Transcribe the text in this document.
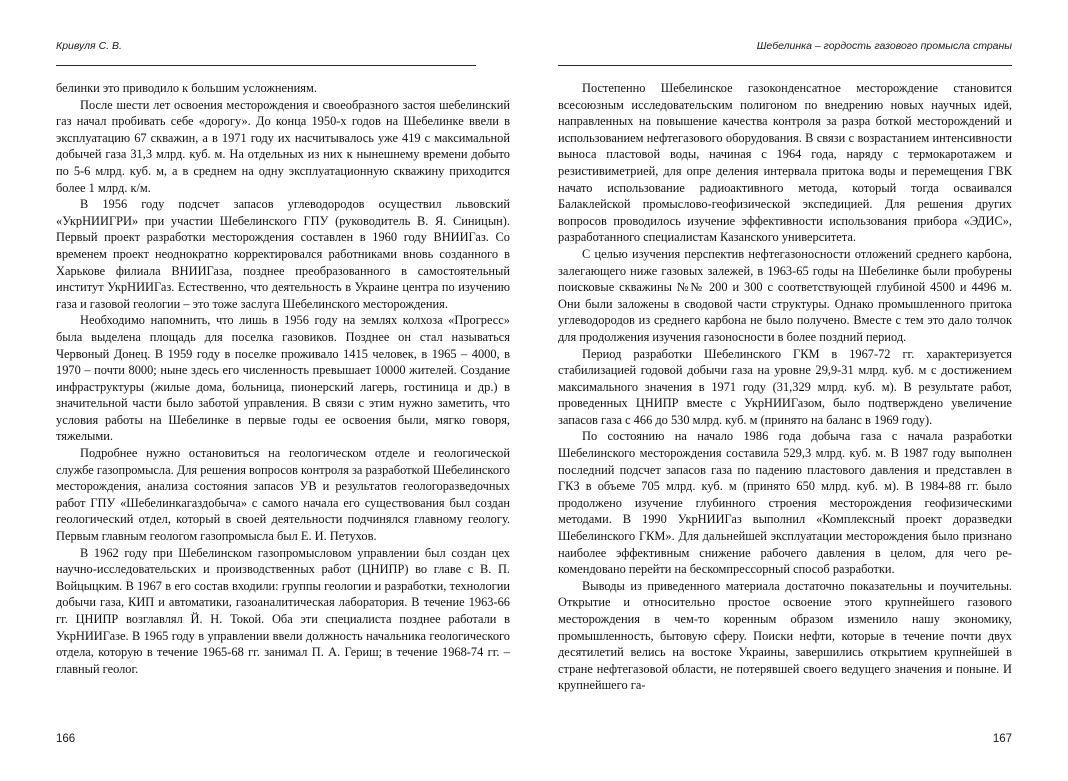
Кривуля С. В.

белинки это приводило к большим усложнениям.

После шести лет освоения месторождения и своеобразного застоя шебелинский газ начал пробивать себе «дорогу». До конца 1950-х годов на Шебелинке ввели в эксплуатацию 67 скважин, а в 1971 году их насчитывалось уже 419 с максимальной добычей газа 31,3 млрд. куб. м. На отдельных из них к нынешнему времени добыто по 5-6 млрд. куб. м, а в среднем на одну эксплуатационную скважину приходится более 1 млрд. к/м.

В 1956 году подсчет запасов углеводородов осуществил львовский «УкрНИИГРИ» при участии Шебелинского ГПУ (руководитель В. Я. Синицын). Первый проект разработки месторождения составлен в 1960 году ВНИИГаз. Со временем проект неоднократно корректировался работниками вновь созданного в Харькове филиала ВНИИГаза, позднее преобразованного в самостоятельный институт УкрНИИГаз. Естественно, что деятельность в Украине центра по изучению газа и газовой геологии – это тоже заслуга Шебелинского месторождения.

Необходимо напомнить, что лишь в 1956 году на землях колхоза «Прогресс» была выделена площадь для поселка газовиков. Позднее он стал называться Червоный Донец. В 1959 году в поселке проживало 1415 человек, в 1965 – 4000, в 1970 – почти 8000; ныне здесь его численность превышает 10000 жителей. Создание инфраструктуры (жилые дома, больница, пионерский лагерь, гостиница и др.) в значительной части было заботой управления. В связи с этим нужно заметить, что условия работы на Шебелинке в первые годы ее освоения были, мягко говоря, тяжелыми.

Подробнее нужно остановиться на геологическом отделе и геологической службе газопромысла. Для решения вопросов контроля за разработкой Шебелинского месторождения, анализа состояния запасов УВ и результатов геологоразведочных работ ГПУ «Шебелинкагаздобыча» с самого начала его существования был создан геологический отдел, который в своей деятельности подчинялся главному геологу. Первым главным геологом газопромысла был Е. И. Петухов.

В 1962 году при Шебелинском газопромысловом управлении был создан цех научно-исследовательских и производственных работ (ЦНИПР) во главе с В. П. Войцыцким. В 1967 в его состав входили: группы геологии и разработки, технологии добычи газа, КИП и автоматики, газоаналитическая лаборатория. В течение 1963-66 гг. ЦНИПР возглавлял Й. Н. Токой. Оба эти специалиста позднее работали в УкрНИИГазе. В 1965 году в управлении ввели должность начальника геологического отдела, которую в течение 1965-68 гг. занимал П. А. Гериш; в течение 1968-74 гг. – главный геолог.

166
Шебелинка – гордость газового промысла страны

Постепенно Шебелинское газоконденсатное месторождение становится всесоюзным исследовательским полигоном по внедрению новых научных идей, направленных на повышение качества контроля за разра боткой месторождений и использованием нефтегазового оборудования. В связи с возрастанием интенсивности выноса пластовой воды, начиная с 1964 года, наряду с термокаротажем и резистивиметрией, для опре деления интервала притока воды и перемещения ГВК начато использование радиоактивного метода, который тогда осваивался Балаклейской промыслово-геофизической экспедицией. Для решения других вопросов проводилось изучение эффективности использования прибора «ЭДИС», разработанного специалистам Казанского университета.

С целью изучения перспектив нефтегазоносности отложений среднего карбона, залегающего ниже газовых залежей, в 1963-65 годы на Шебелинке были пробурены поисковые скважины №№ 200 и 300 с соответствующей глубиной 4500 и 4496 м. Они были заложены в сводовой части структуры. Однако промышленного притока углеводородов из среднего карбона не было получено. Вместе с тем это дало толчок для продолжения изучения газоносности в более поздний период.

Период разработки Шебелинского ГКМ в 1967-72 гг. характеризуется стабилизацией годовой добычи газа на уровне 29,9-31 млрд. куб. м с достижением максимального значения в 1971 году (31,329 млрд. куб. м). В результате работ, проведенных ЦНИПР вместе с УкрНИИГазом, было подтверждено увеличение запасов газа с 466 до 530 млрд. куб. м (принято на баланс в 1969 году).

По состоянию на начало 1986 года добыча газа с начала разработки Шебелинского месторождения составила 529,3 млрд. куб. м. В 1987 году выполнен последний подсчет запасов газа по падению пластового давления и представлен в ГКЗ в объеме 705 млрд. куб. м (принято 650 млрд. куб. м). В 1984-88 гг. было продолжено изучение глубинного строения месторождения геофизическими методами. В 1990 УкрНИИГаз выполнил «Комплексный проект доразведки Шебелинского ГКМ». Для дальнейшей эксплуатации месторождения было признано наиболее эффективным снижение рабочего давления в целом, для чего рекомендовано перейти на бескомпрессорный способ разработки.

Выводы из приведенного материала достаточно показательны и поучительны. Открытие и относительно простое освоение этого крупнейшего газового месторождения в чем-то коренным образом изменило нашу экономику, промышленность, бытовую сферу. Поиски нефти, которые в течение почти двух десятилетий велись на востоке Украины, завершились открытием крупнейшей в стране нефтегазовой области, не потерявшей своего ведущего значения и поныне. И крупнейшего га-

167
